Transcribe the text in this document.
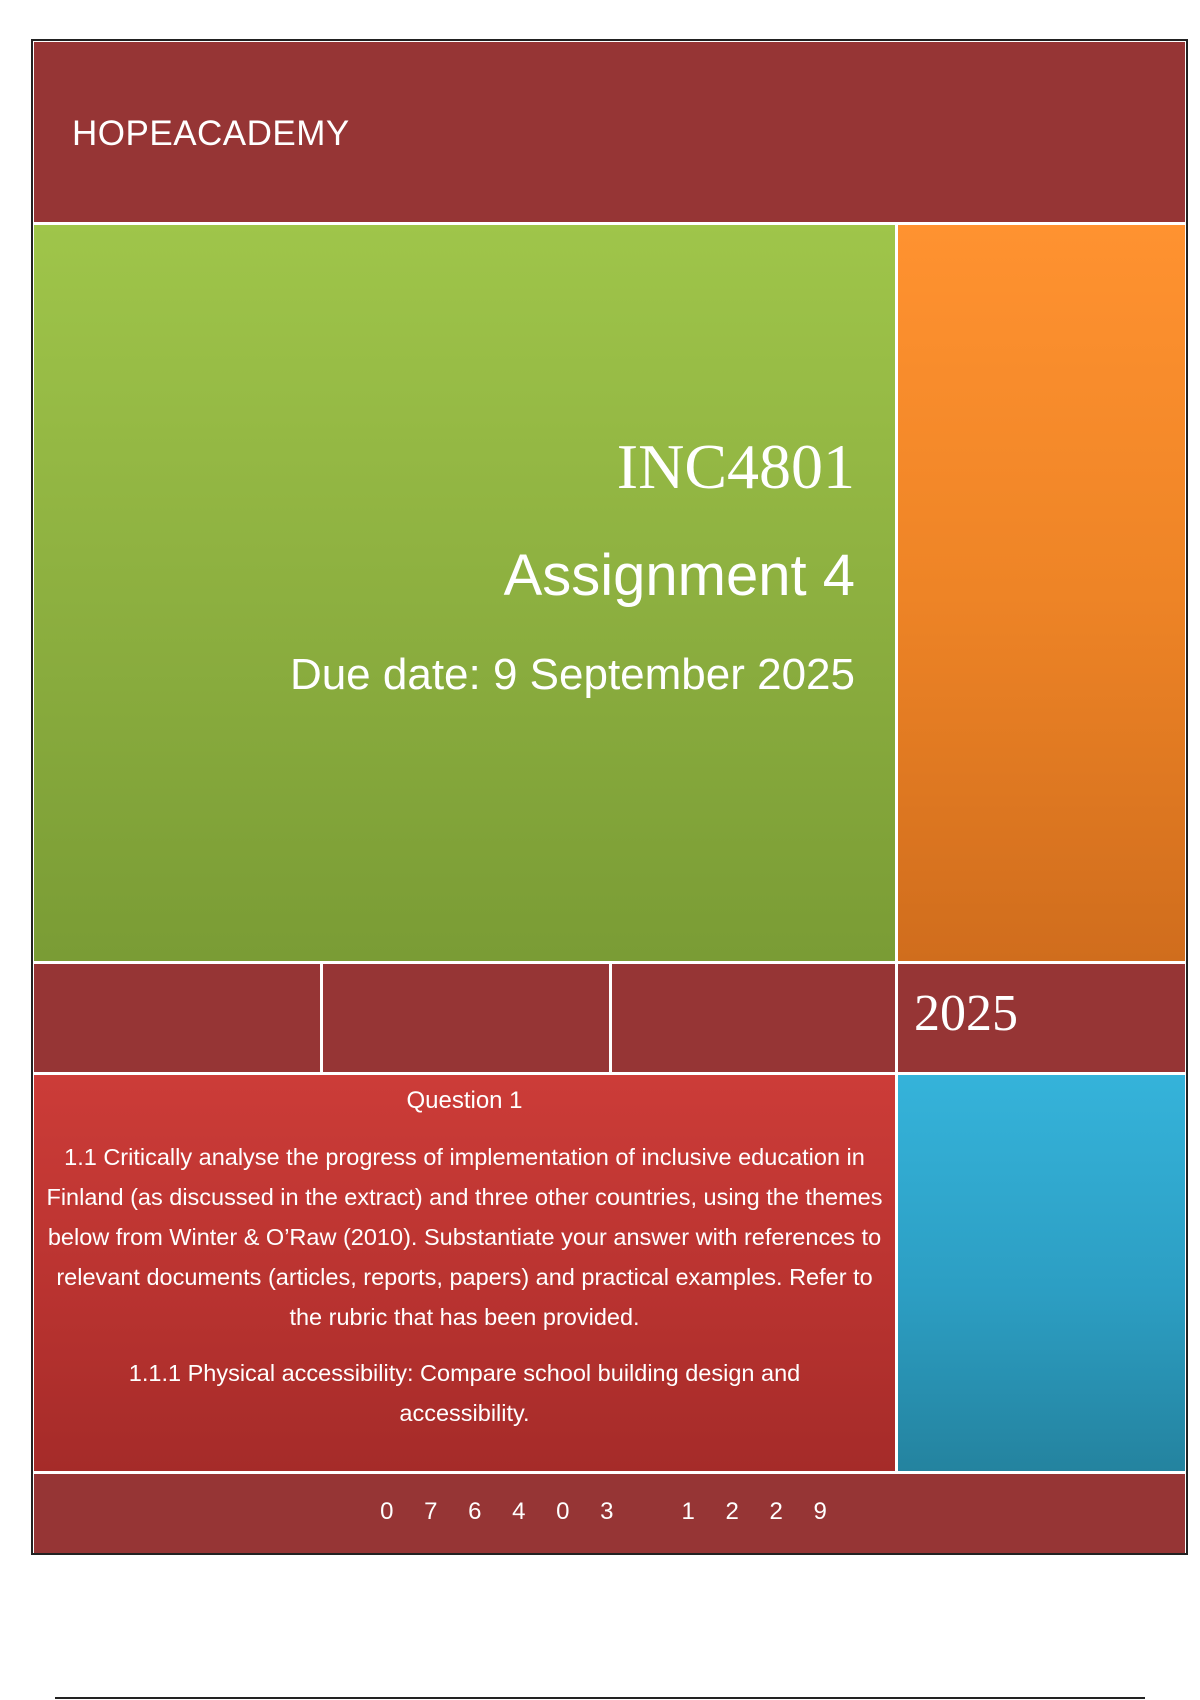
HOPEACADEMY
INC4801
Assignment 4
Due date: 9 September 2025
2025
Question 1

1.1 Critically analyse the progress of implementation of inclusive education in Finland (as discussed in the extract) and three other countries, using the themes below from Winter & O’Raw (2010). Substantiate your answer with references to relevant documents (articles, reports, papers) and practical examples. Refer to the rubric that has been provided.

1.1.1 Physical accessibility: Compare school building design and accessibility.

0 7 6 4 0 3   1 2 2 9
